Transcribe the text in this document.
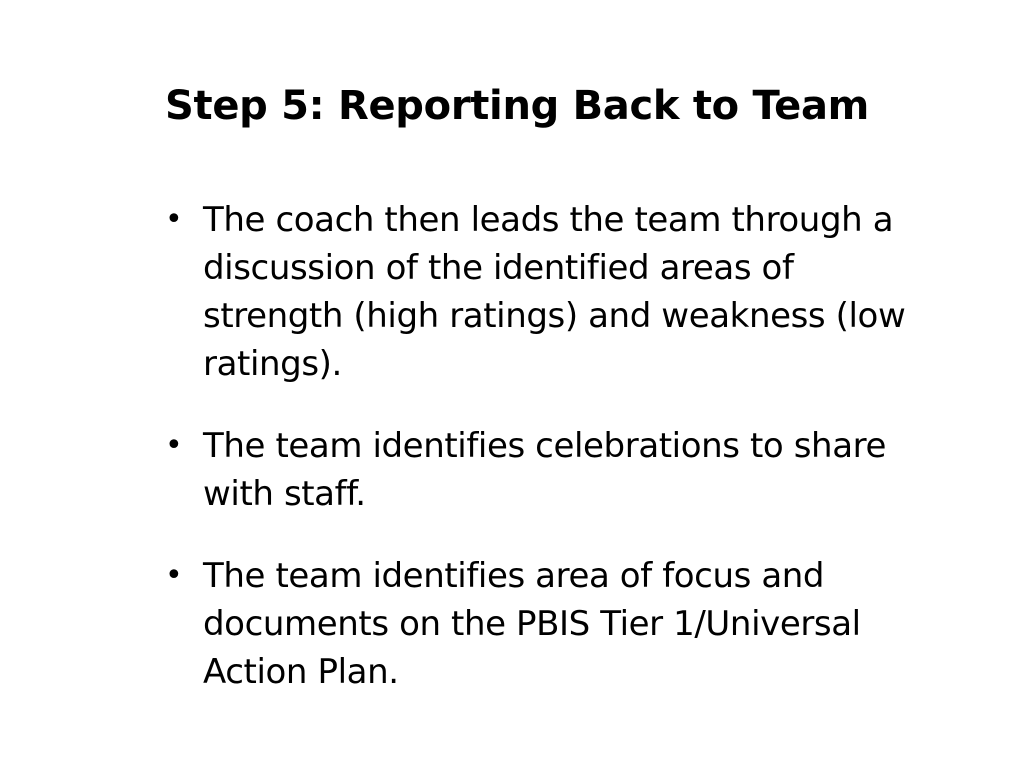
Step 5: Reporting Back to Team
• The coach then leads the team through a discussion of the identified areas of strength (high ratings) and weakness (low ratings).
• The team identifies celebrations to share with staff.
• The team identifies area of focus and documents on the PBIS Tier 1/Universal Action Plan.
